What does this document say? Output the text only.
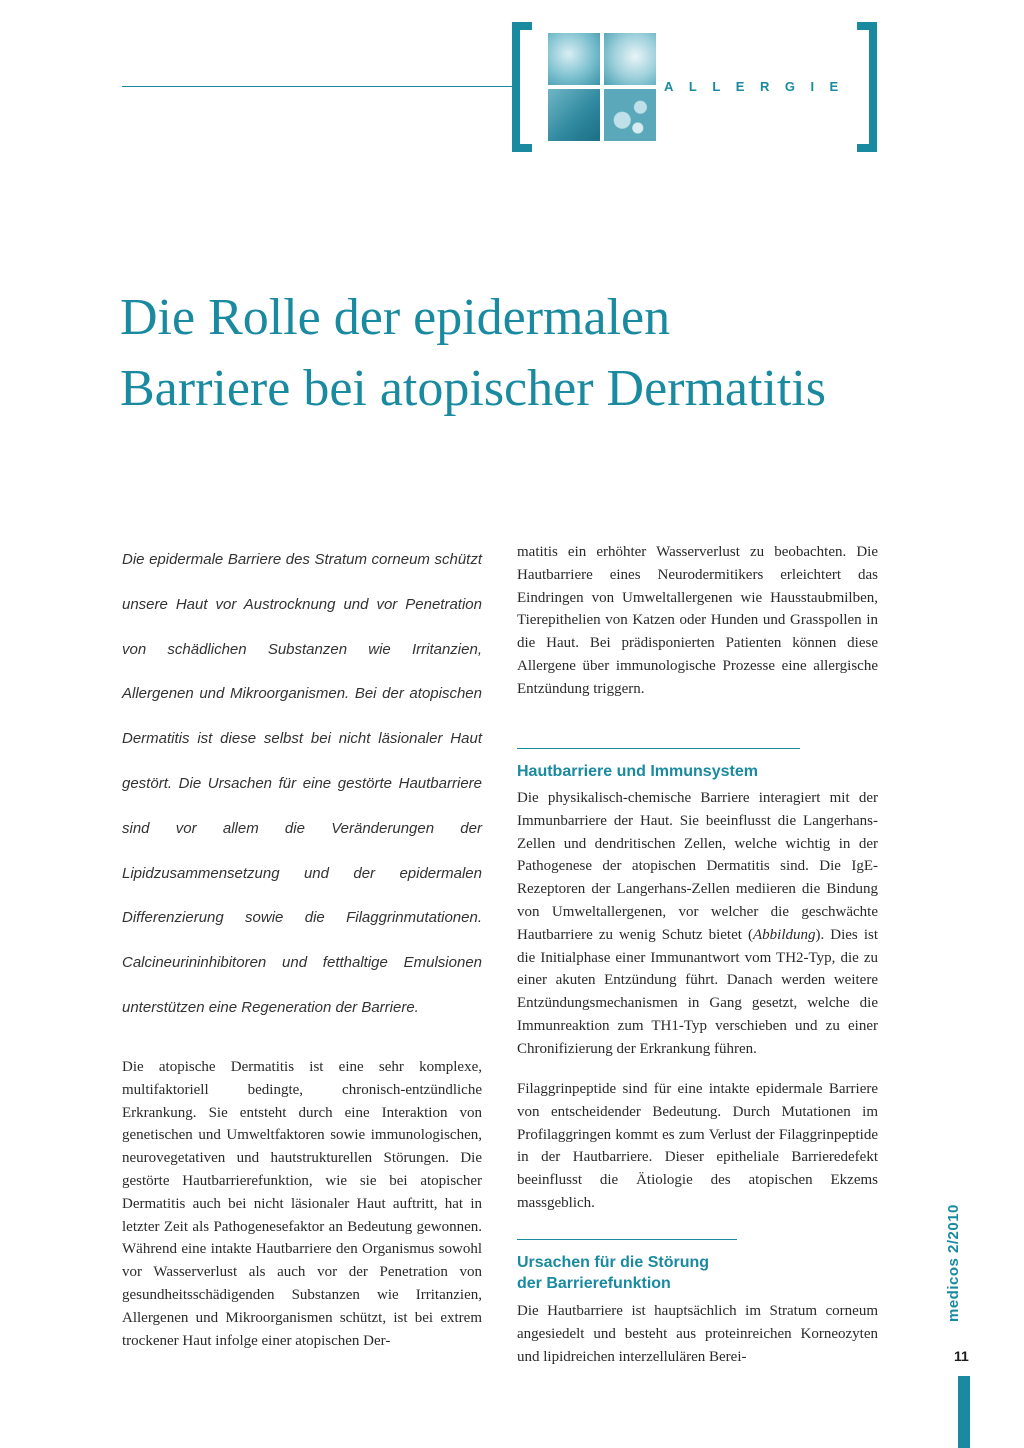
ALLERGIE
Die Rolle der epidermalen Barriere bei atopischer Dermatitis

Die epidermale Barriere des Stratum corneum schützt unsere Haut vor Austrocknung und vor Penetration von schädlichen Substanzen wie Irritanzien, Allergenen und Mikroorganismen. Bei der atopischen Dermatitis ist diese selbst bei nicht läsionaler Haut gestört. Die Ursachen für eine gestörte Hautbarriere sind vor allem die Veränderungen der Lipidzusammensetzung und der epidermalen Differenzierung sowie die Filaggrinmutationen. Calcineurininhibitoren und fetthaltige Emulsionen unterstützen eine Regeneration der Barriere.

Die atopische Dermatitis ist eine sehr komplexe, multifaktoriell bedingte, chronisch-entzündliche Erkrankung. Sie entsteht durch eine Interaktion von genetischen und Umweltfaktoren sowie immunologischen, neurovegetativen und hautstrukturellen Störungen. Die gestörte Hautbarrierefunktion, wie sie bei atopischer Dermatitis auch bei nicht läsionaler Haut auftritt, hat in letzter Zeit als Pathogenesefaktor an Bedeutung gewonnen. Während eine intakte Hautbarriere den Organismus sowohl vor Wasserverlust als auch vor der Penetration von gesundheitsschädigenden Substanzen wie Irritanzien, Allergenen und Mikroorganismen schützt, ist bei extrem trockener Haut infolge einer atopischen Der-

matitis ein erhöhter Wasserverlust zu beobachten. Die Hautbarriere eines Neurodermitikers erleichtert das Eindringen von Umweltallergenen wie Hausstaubmilben, Tierepithelien von Katzen oder Hunden und Grasspollen in die Haut. Bei prädisponierten Patienten können diese Allergene über immunologische Prozesse eine allergische Entzündung triggern.

Hautbarriere und Immunsystem

Die physikalisch-chemische Barriere interagiert mit der Immunbarriere der Haut. Sie beeinflusst die Langerhans-Zellen und dendritischen Zellen, welche wichtig in der Pathogenese der atopischen Dermatitis sind. Die IgE-Rezeptoren der Langerhans-Zellen mediieren die Bindung von Umweltallergenen, vor welcher die geschwächte Hautbarriere zu wenig Schutz bietet (Abbildung). Dies ist die Initialphase einer Immunantwort vom TH2-Typ, die zu einer akuten Entzündung führt. Danach werden weitere Entzündungsmechanismen in Gang gesetzt, welche die Immunreaktion zum TH1-Typ verschieben und zu einer Chronifizierung der Erkrankung führen.

Filaggrinpeptide sind für eine intakte epidermale Barriere von entscheidender Bedeutung. Durch Mutationen im Profilaggringen kommt es zum Verlust der Filaggrinpeptide in der Hautbarriere. Dieser epitheliale Barrieredefekt beeinflusst die Ätiologie des atopischen Ekzems massgeblich.

Ursachen für die Störung
der Barrierefunktion

Die Hautbarriere ist hauptsächlich im Stratum corneum angesiedelt und besteht aus proteinreichen Korneozyten und lipidreichen interzellulären Berei-

medicos 2/2010
11
